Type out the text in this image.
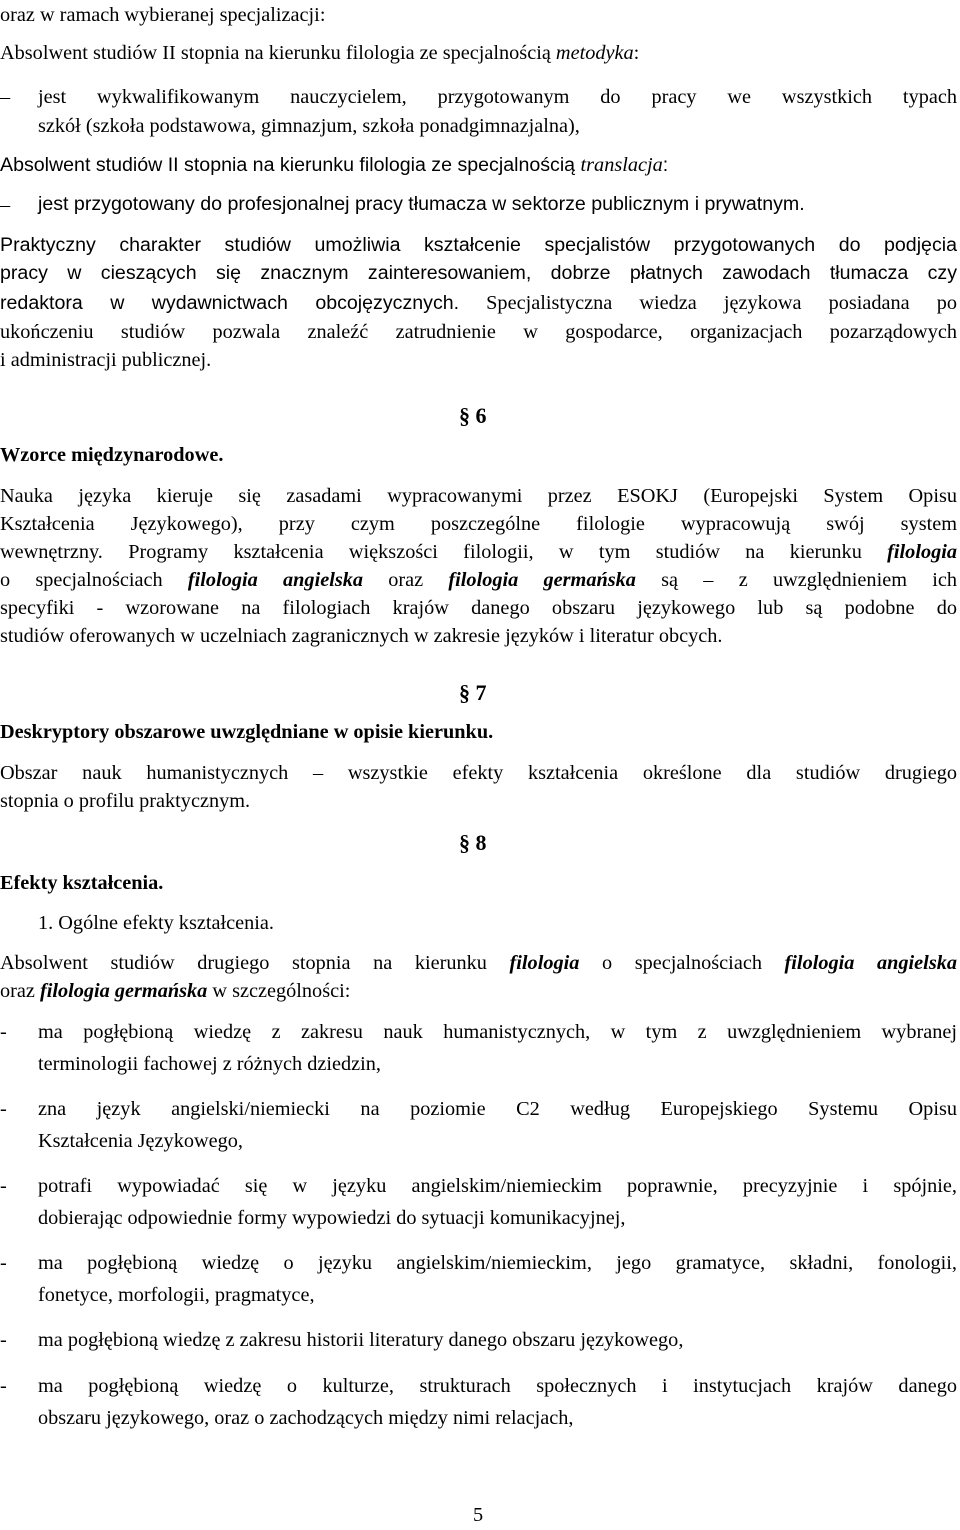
oraz w ramach wybieranej specjalizacji:
Absolwent studiów II stopnia na kierunku filologia ze specjalnością metodyka:
– jest wykwalifikowanym nauczycielem, przygotowanym do pracy we wszystkich typach
szkół (szkoła podstawowa, gimnazjum, szkoła ponadgimnazjalna),
Absolwent studiów II stopnia na kierunku filologia ze specjalnością translacja:
– jest przygotowany do profesjonalnej pracy tłumacza w sektorze publicznym i prywatnym.
Praktyczny charakter studiów umożliwia kształcenie specjalistów przygotowanych do podjęcia
pracy w cieszących się znacznym zainteresowaniem, dobrze płatnych zawodach tłumacza czy
redaktora w wydawnictwach obcojęzycznych. Specjalistyczna wiedza językowa posiadana po
ukończeniu studiów pozwala znaleźć zatrudnienie w gospodarce, organizacjach pozarządowych
i administracji publicznej.
§ 6
Wzorce międzynarodowe.
Nauka języka kieruje się zasadami wypracowanymi przez ESOKJ (Europejski System Opisu
Kształcenia Językowego), przy czym poszczególne filologie wypracowują swój system
wewnętrzny. Programy kształcenia większości filologii, w tym studiów na kierunku filologia
o specjalnościach filologia angielska oraz filologia germańska są – z uwzględnieniem ich
specyfiki - wzorowane na filologiach krajów danego obszaru językowego lub są podobne do
studiów oferowanych w uczelniach zagranicznych w zakresie języków i literatur obcych.
§ 7
Deskryptory obszarowe uwzględniane w opisie kierunku.
Obszar nauk humanistycznych – wszystkie efekty kształcenia określone dla studiów drugiego
stopnia o profilu praktycznym.
§ 8
Efekty kształcenia.
1. Ogólne efekty kształcenia.
Absolwent studiów drugiego stopnia na kierunku filologia o specjalnościach filologia angielska
oraz filologia germańska w szczególności:
- ma pogłębioną wiedzę z zakresu nauk humanistycznych, w tym z uwzględnieniem wybranej
terminologii fachowej z różnych dziedzin,
- zna język angielski/niemiecki na poziomie C2 według Europejskiego Systemu Opisu
Kształcenia Językowego,
- potrafi wypowiadać się w języku angielskim/niemieckim poprawnie, precyzyjnie i spójnie,
dobierając odpowiednie formy wypowiedzi do sytuacji komunikacyjnej,
- ma pogłębioną wiedzę o języku angielskim/niemieckim, jego gramatyce, składni, fonologii,
fonetyce, morfologii, pragmatyce,
- ma pogłębioną wiedzę z zakresu historii literatury danego obszaru językowego,
- ma pogłębioną wiedzę o kulturze, strukturach społecznych i instytucjach krajów danego
obszaru językowego, oraz o zachodzących między nimi relacjach,
5
